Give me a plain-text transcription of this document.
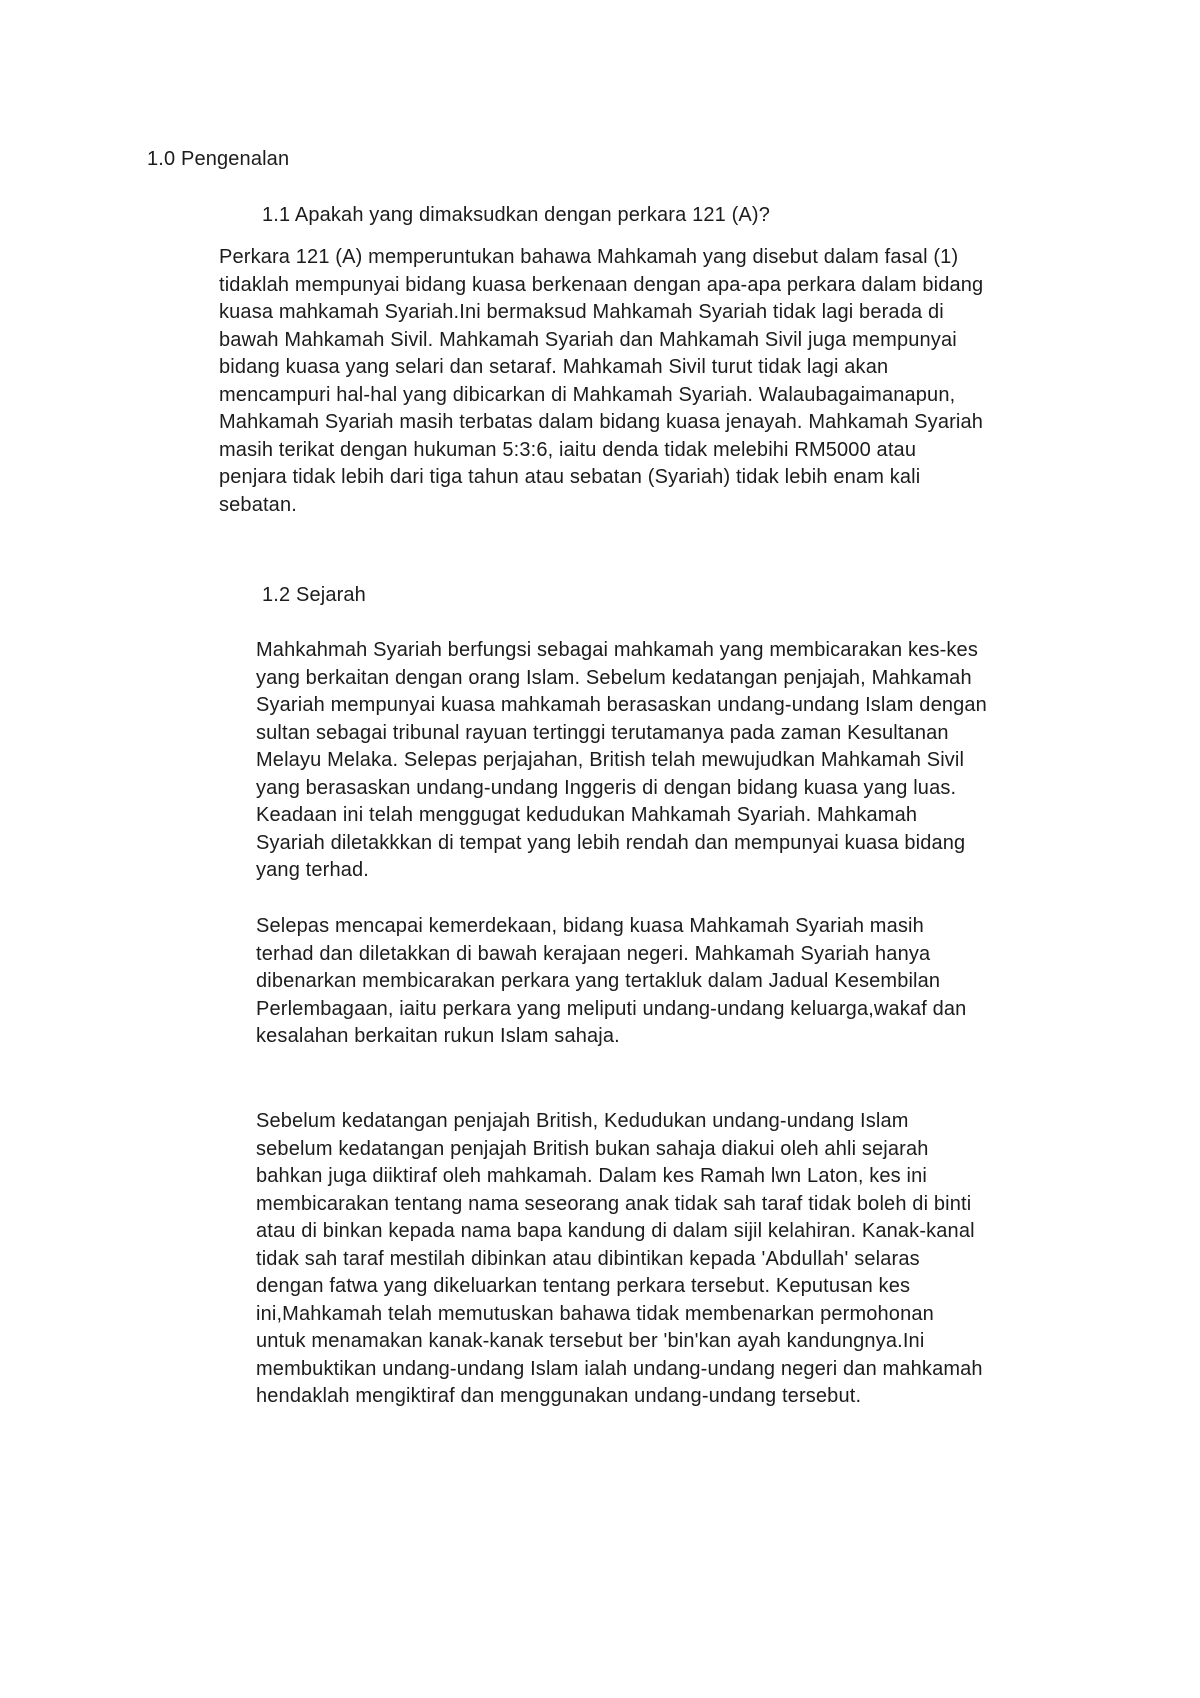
1.0 Pengenalan
1.1 Apakah yang dimaksudkan dengan perkara 121 (A)?
Perkara 121 (A) memperuntukan bahawa Mahkamah yang disebut dalam fasal (1)
tidaklah mempunyai bidang kuasa berkenaan dengan apa-apa perkara dalam bidang
kuasa mahkamah Syariah.Ini bermaksud Mahkamah Syariah tidak lagi berada di
bawah Mahkamah Sivil. Mahkamah Syariah dan Mahkamah Sivil juga mempunyai
bidang kuasa yang selari dan setaraf. Mahkamah Sivil turut tidak lagi akan
mencampuri hal-hal yang dibicarkan di Mahkamah Syariah. Walaubagaimanapun,
Mahkamah Syariah masih terbatas dalam bidang kuasa jenayah. Mahkamah Syariah
masih terikat dengan hukuman 5:3:6, iaitu denda tidak melebihi RM5000 atau
penjara tidak lebih dari tiga tahun atau sebatan (Syariah) tidak lebih enam kali
sebatan.
1.2 Sejarah
Mahkahmah Syariah berfungsi sebagai mahkamah yang membicarakan kes-kes
yang berkaitan dengan orang Islam. Sebelum kedatangan penjajah, Mahkamah
Syariah mempunyai kuasa mahkamah berasaskan undang-undang Islam dengan
sultan sebagai tribunal rayuan tertinggi terutamanya pada zaman Kesultanan
Melayu Melaka. Selepas perjajahan, British telah mewujudkan Mahkamah Sivil
yang berasaskan undang-undang Inggeris di dengan bidang kuasa yang luas.
Keadaan ini telah menggugat kedudukan Mahkamah Syariah. Mahkamah
Syariah diletakkkan di tempat yang lebih rendah dan mempunyai kuasa bidang
yang terhad.
Selepas mencapai kemerdekaan, bidang kuasa Mahkamah Syariah masih
terhad dan diletakkan di bawah kerajaan negeri. Mahkamah Syariah hanya
dibenarkan membicarakan perkara yang tertakluk dalam Jadual Kesembilan
Perlembagaan, iaitu perkara yang meliputi undang-undang keluarga,wakaf dan
kesalahan berkaitan rukun Islam sahaja.
Sebelum kedatangan penjajah British, Kedudukan undang-undang Islam
sebelum kedatangan penjajah British bukan sahaja diakui oleh ahli sejarah
bahkan juga diiktiraf oleh mahkamah. Dalam kes Ramah lwn Laton, kes ini
membicarakan tentang nama seseorang anak tidak sah taraf tidak boleh di binti
atau di binkan kepada nama bapa kandung di dalam sijil kelahiran. Kanak-kanal
tidak sah taraf mestilah dibinkan atau dibintikan kepada 'Abdullah' selaras
dengan fatwa yang dikeluarkan tentang perkara tersebut. Keputusan kes
ini,Mahkamah telah memutuskan bahawa tidak membenarkan permohonan
untuk menamakan kanak-kanak tersebut ber 'bin'kan ayah kandungnya.Ini
membuktikan undang-undang Islam ialah undang-undang negeri dan mahkamah
hendaklah mengiktiraf dan menggunakan undang-undang tersebut.
